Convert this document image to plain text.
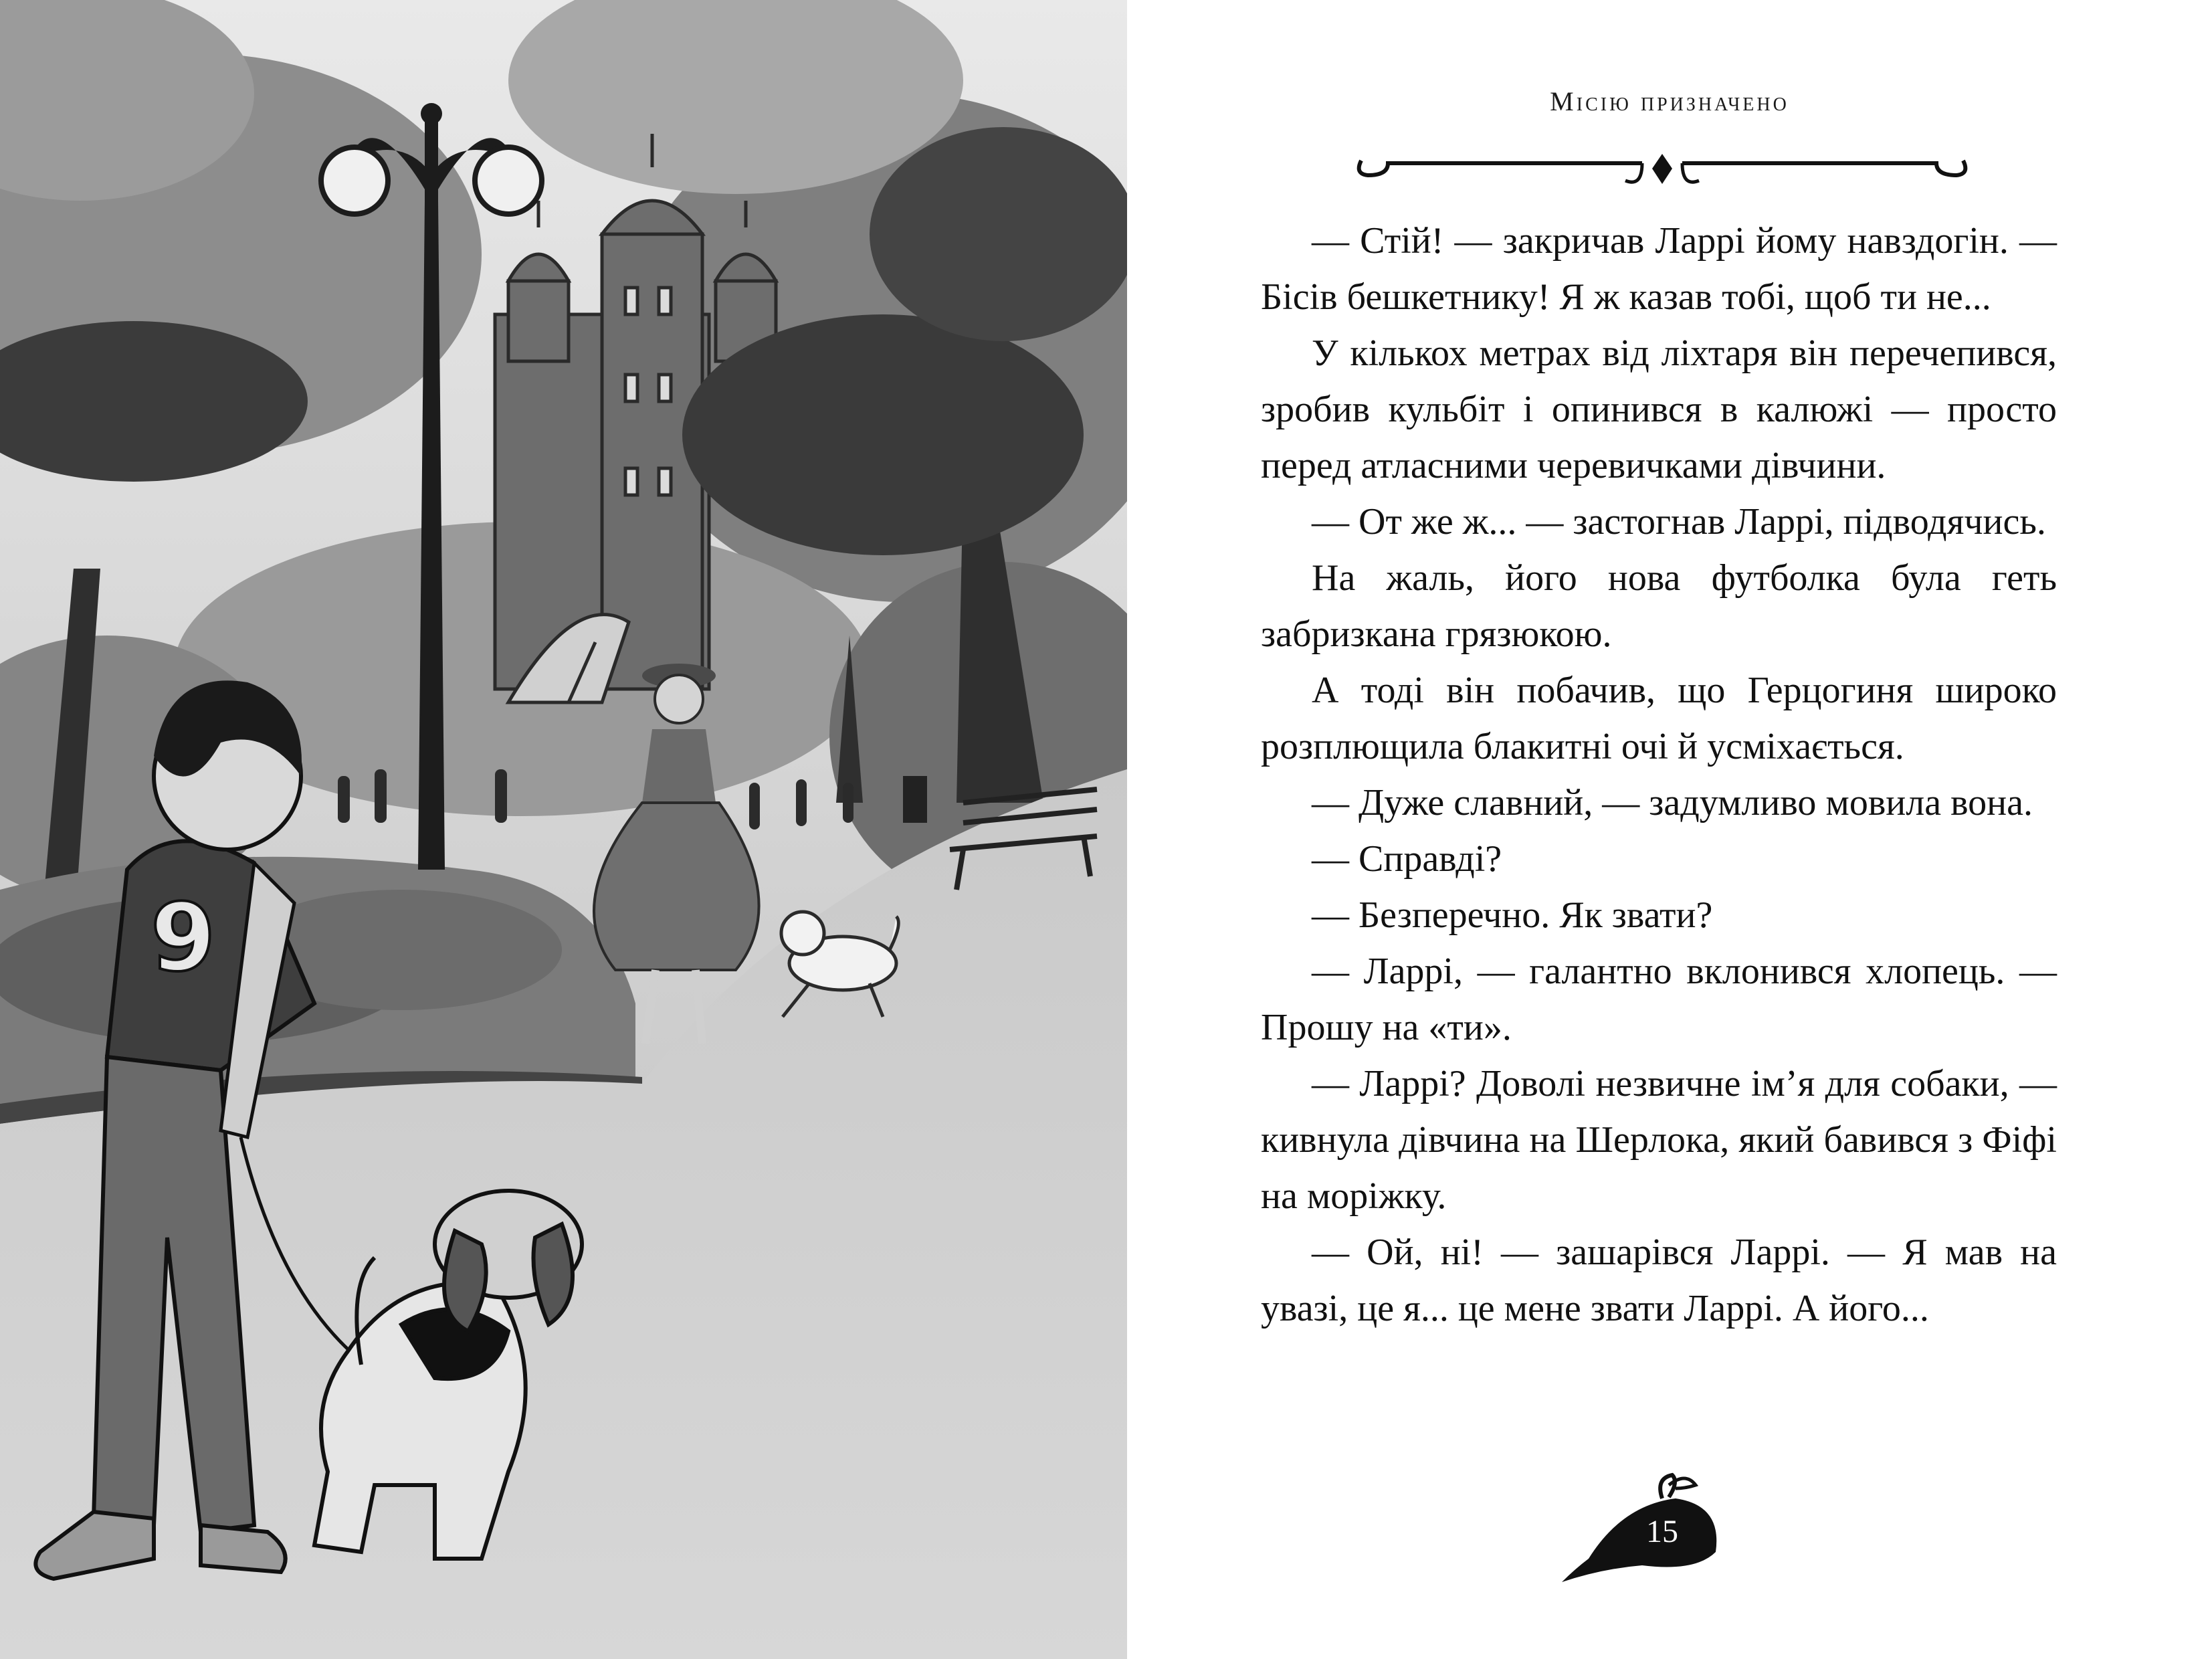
9
Місію призначено

— Стій! — закричав Ларрі йому навздогін. — Бісів бешкетнику! Я ж казав тобі, щоб ти не...

У кількох метрах від ліхтаря він перечепився, зробив кульбіт і опинився в калюжі — просто перед атласними черевичками дівчини.

— От же ж... — застогнав Ларрі, підводячись.

На жаль, його нова футболка була геть забризкана грязюкою.

А тоді він побачив, що Герцогиня широко розплющила блакитні очі й усміхається.

— Дуже славний, — задумливо мовила вона.

— Справді?

— Безперечно. Як звати?

— Ларрі, — галантно вклонився хлопець. — Прошу на «ти».

— Ларрі? Доволі незвичне ім’я для собаки, — кивнула дівчина на Шерлока, який бавився з Фіфі на моріжку.

— Ой, ні! — зашарівся Ларрі. — Я мав на увазі, це я... це мене звати Ларрі. А його...

15
